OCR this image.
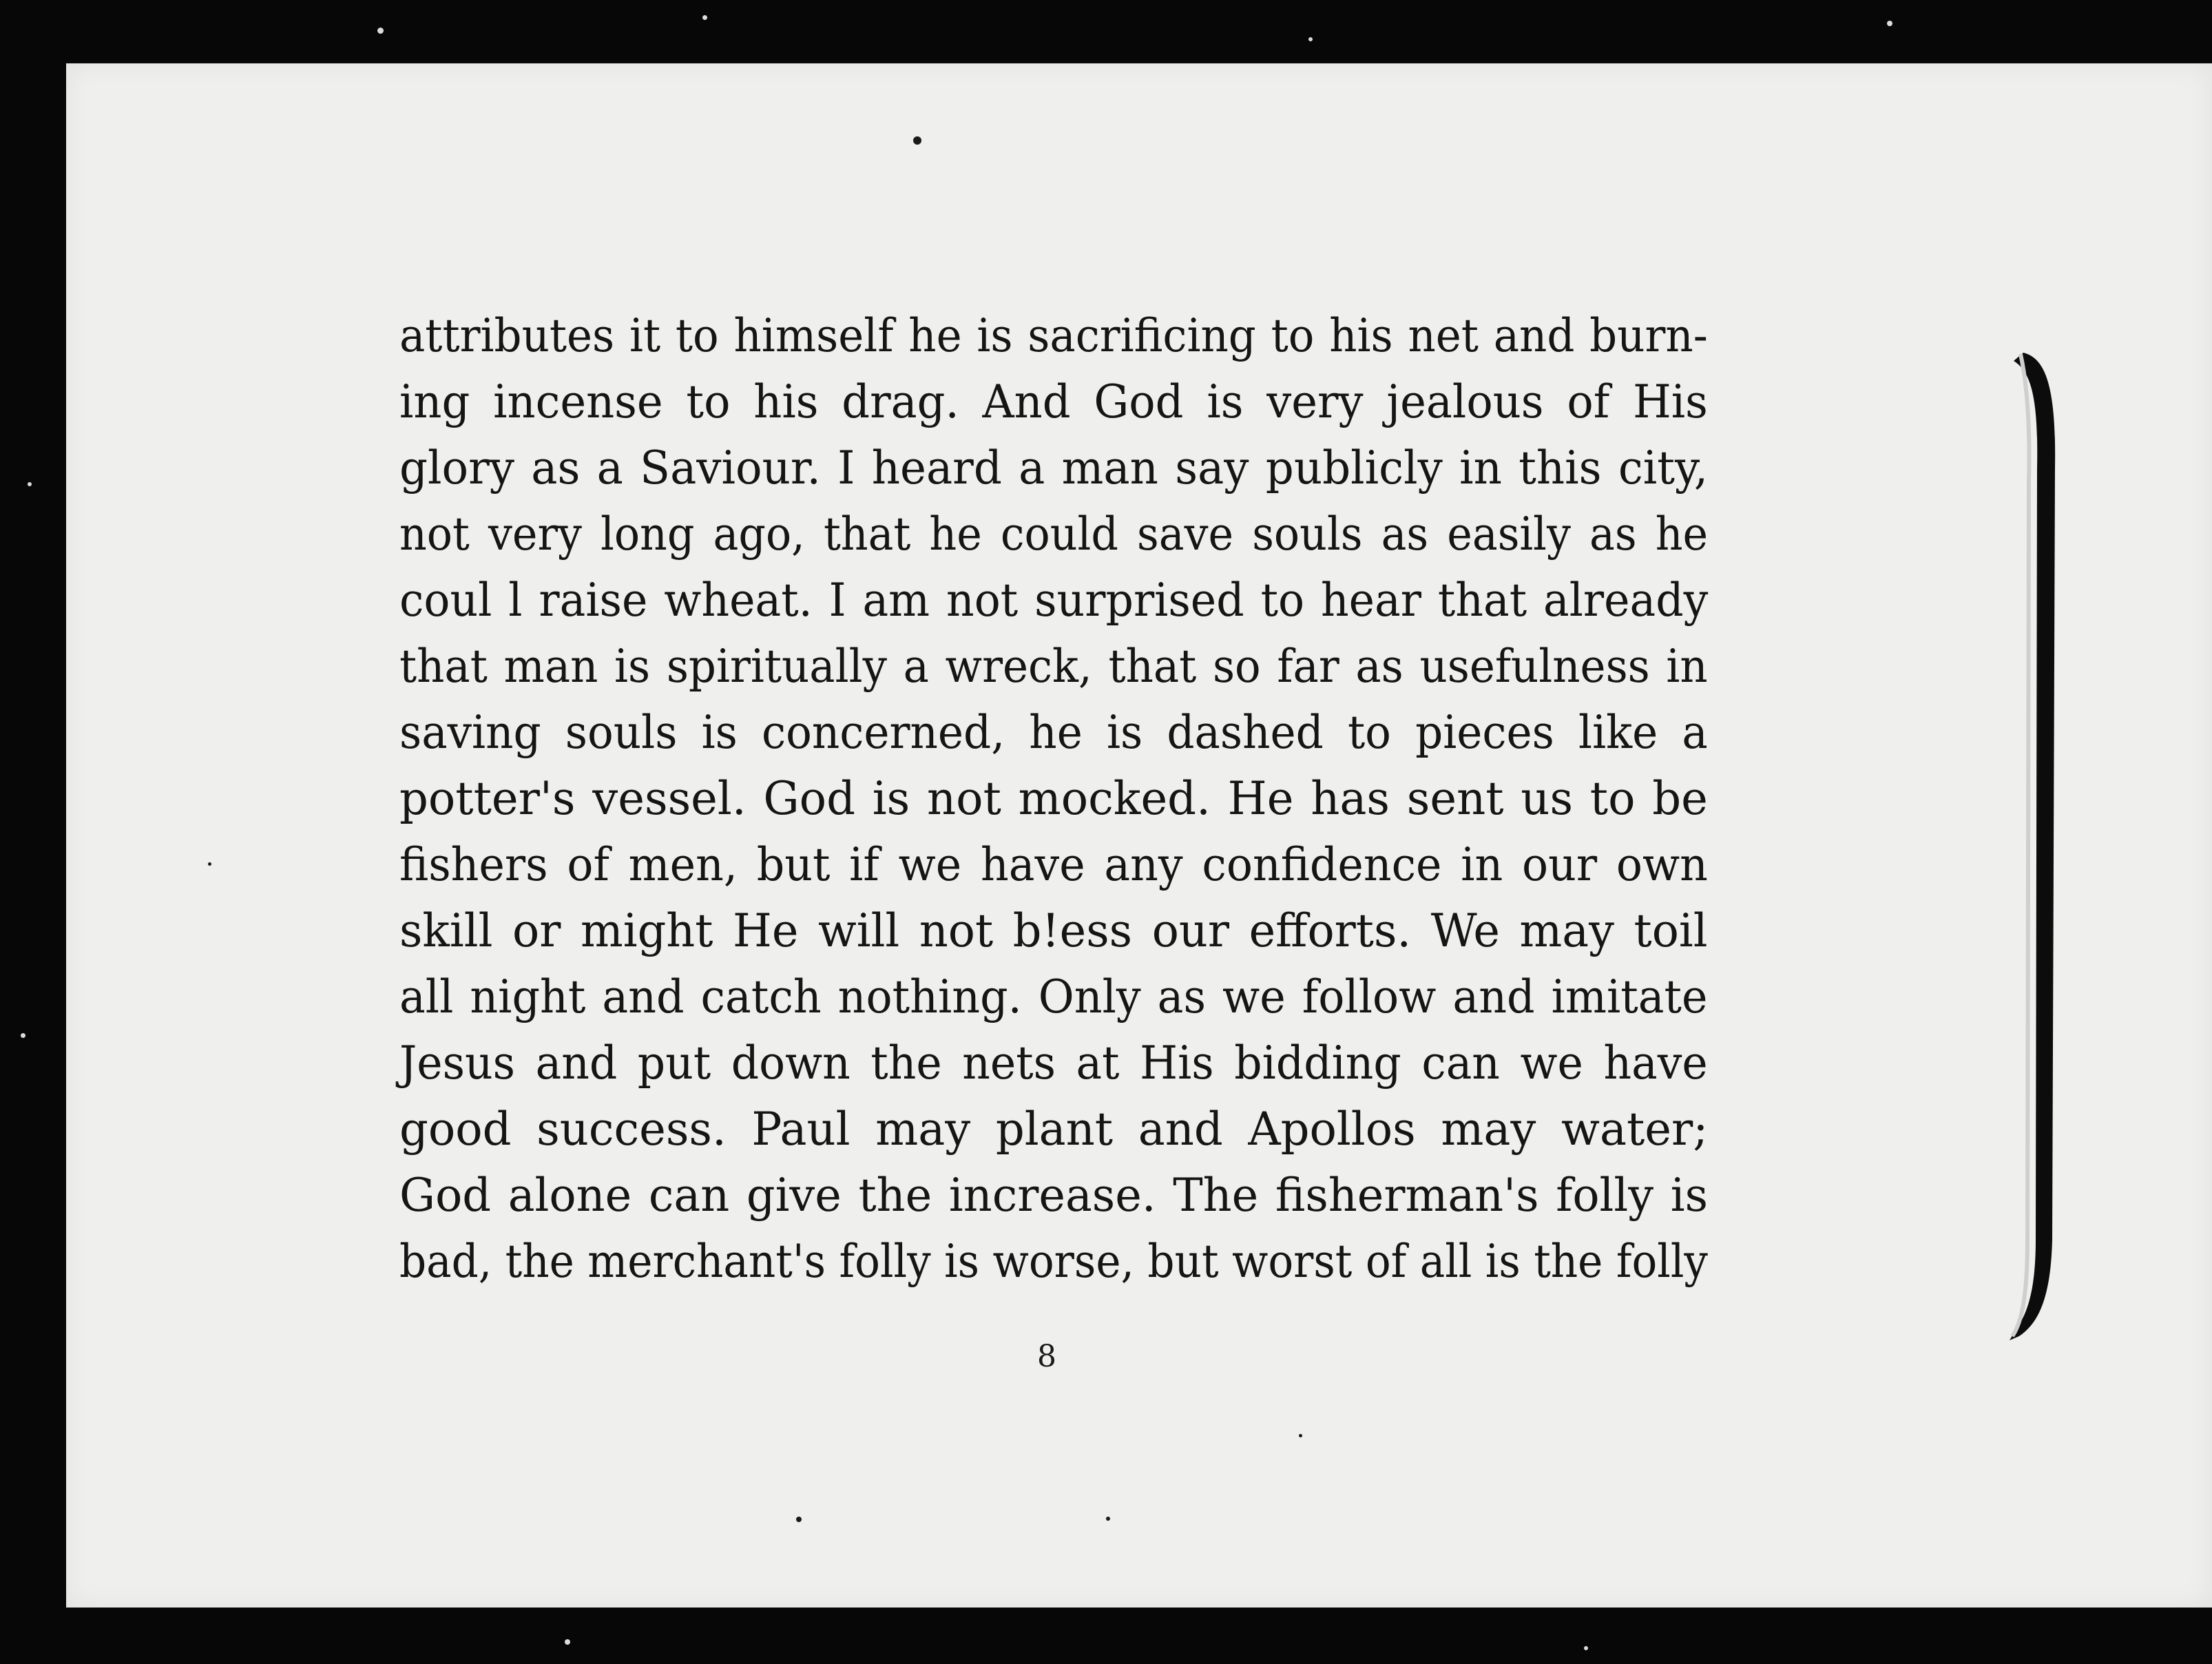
attributes it to himself he is sacrificing to his net and burn-
ing incense to his drag. And God is very jealous of His
glory as a Saviour. I heard a man say publicly in this city,
not very long ago, that he could save souls as easily as he
coul l raise wheat. I am not surprised to hear that already
that man is spiritually a wreck, that so far as usefulness in
saving souls is concerned, he is dashed to pieces like a
potter's vessel. God is not mocked. He has sent us to be
fishers of men, but if we have any confidence in our own
skill or might He will not b!ess our efforts. We may toil
all night and catch nothing. Only as we follow and imitate
Jesus and put down the nets at His bidding can we have
good success. Paul may plant and Apollos may water;
God alone can give the increase. The fisherman's folly is
bad, the merchant's folly is worse, but worst of all is the folly
8
